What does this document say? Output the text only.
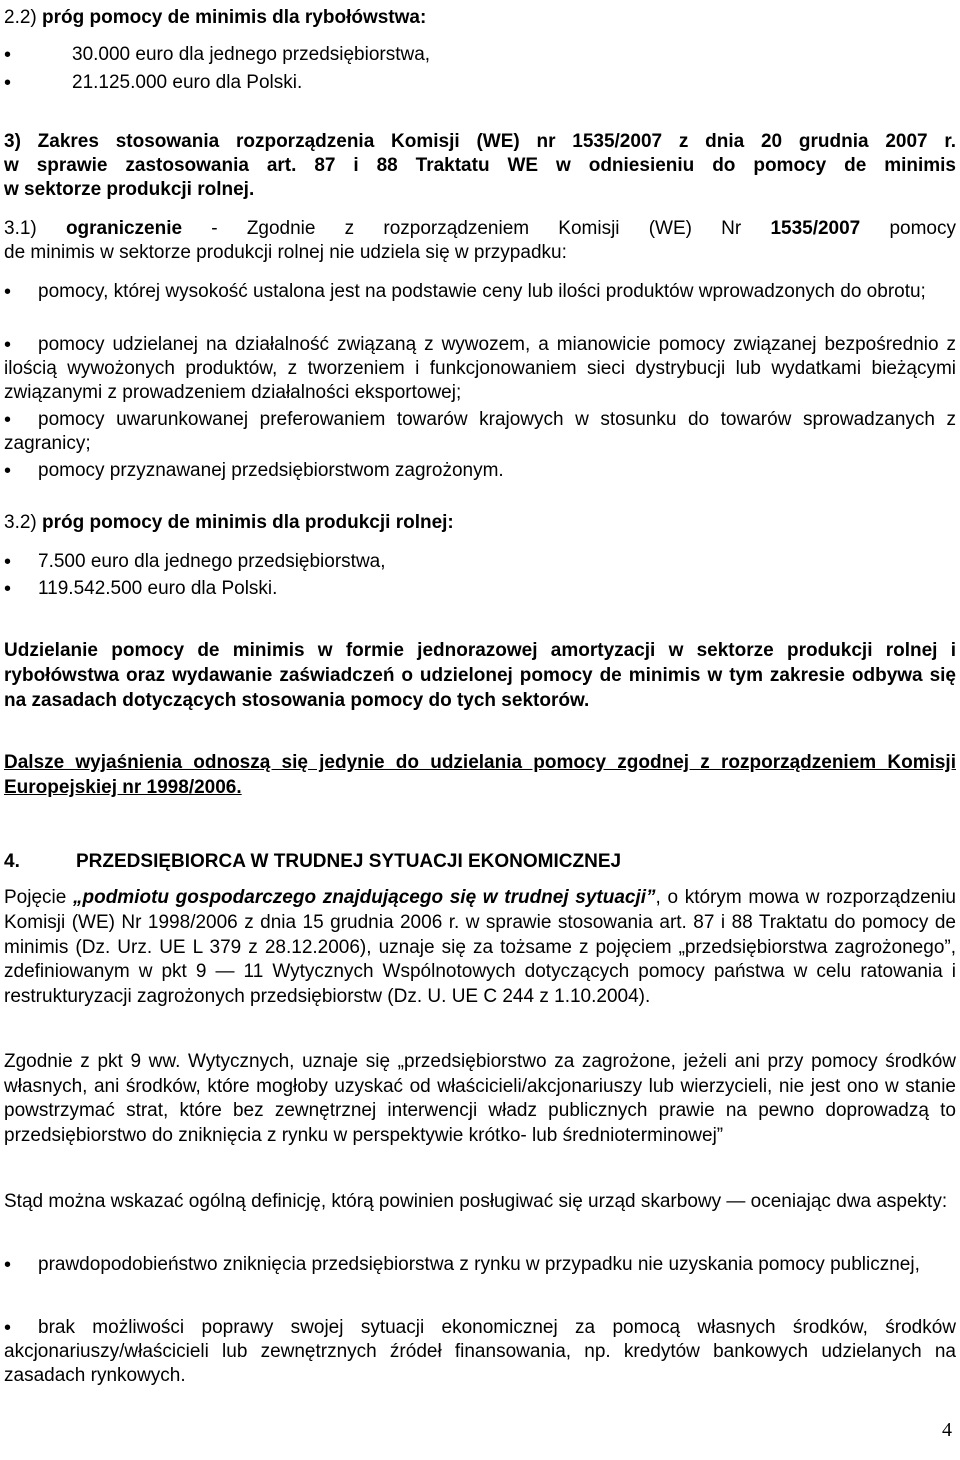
2.2) próg pomocy de minimis dla rybołówstwa:
•
30.000 euro dla jednego przedsiębiorstwa,
•
21.125.000 euro dla Polski.
3) Zakres stosowania rozporządzenia Komisji (WE) nr 1535/2007 z dnia 20 grudnia 2007 r.
w sprawie zastosowania art. 87 i 88 Traktatu WE w odniesieniu do pomocy de minimis
w sektorze produkcji rolnej.
3.1) ograniczenie - Zgodnie z rozporządzeniem Komisji (WE) Nr 1535/2007 pomocy
de minimis w sektorze produkcji rolnej nie udziela się w przypadku:
•
pomocy, której wysokość ustalona jest na podstawie ceny lub ilości produktów wprowadzonych do obrotu;
•
pomocy udzielanej na działalność związaną z wywozem, a mianowicie pomocy związanej bezpośrednio z ilością wywożonych produktów, z tworzeniem i funkcjonowaniem sieci dystrybucji lub wydatkami bieżącymi związanymi z prowadzeniem działalności eksportowej;
•
pomocy uwarunkowanej preferowaniem towarów krajowych w stosunku do towarów sprowadzanych z zagranicy;
•
pomocy przyznawanej przedsiębiorstwom zagrożonym.
3.2) próg pomocy de minimis dla produkcji rolnej:
•
7.500 euro dla jednego przedsiębiorstwa,
•
119.542.500 euro dla Polski.
Udzielanie pomocy de minimis w formie jednorazowej amortyzacji w sektorze produkcji rolnej i rybołówstwa oraz wydawanie zaświadczeń o udzielonej pomocy de minimis w tym zakresie odbywa się na zasadach dotyczących stosowania pomocy do tych sektorów.
Dalsze wyjaśnienia odnoszą się jedynie do udzielania pomocy zgodnej z rozporządzeniem Komisji Europejskiej nr 1998/2006.
4.	PRZEDSIĘBIORCA W TRUDNEJ SYTUACJI EKONOMICZNEJ
Pojęcie „podmiotu gospodarczego znajdującego się w trudnej sytuacji”, o którym mowa w rozporządzeniu Komisji (WE) Nr 1998/2006 z dnia 15 grudnia 2006 r. w sprawie stosowania art. 87 i 88 Traktatu do pomocy de minimis (Dz. Urz. UE L 379 z 28.12.2006), uznaje się za tożsame z pojęciem „przedsiębiorstwa zagrożonego”, zdefiniowanym w pkt 9 — 11 Wytycznych Wspólnotowych dotyczących pomocy państwa w celu ratowania i restrukturyzacji zagrożonych przedsiębiorstw (Dz. U. UE C 244 z 1.10.2004).
Zgodnie z pkt 9 ww. Wytycznych, uznaje się „przedsiębiorstwo za zagrożone, jeżeli ani przy pomocy środków własnych, ani środków, które mogłoby uzyskać od właścicieli/akcjonariuszy lub wierzycieli, nie jest ono w stanie powstrzymać strat, które bez zewnętrznej interwencji władz publicznych prawie na pewno doprowadzą to przedsiębiorstwo do zniknięcia z rynku w perspektywie krótko- lub średnioterminowej”
Stąd można wskazać ogólną definicję, którą powinien posługiwać się urząd skarbowy — oceniając dwa aspekty:
•
prawdopodobieństwo zniknięcia przedsiębiorstwa z rynku w przypadku nie uzyskania pomocy publicznej,
•
brak możliwości poprawy swojej sytuacji ekonomicznej za pomocą własnych środków, środków akcjonariuszy/właścicieli lub zewnętrznych źródeł finansowania, np. kredytów bankowych udzielanych na zasadach rynkowych.
4
